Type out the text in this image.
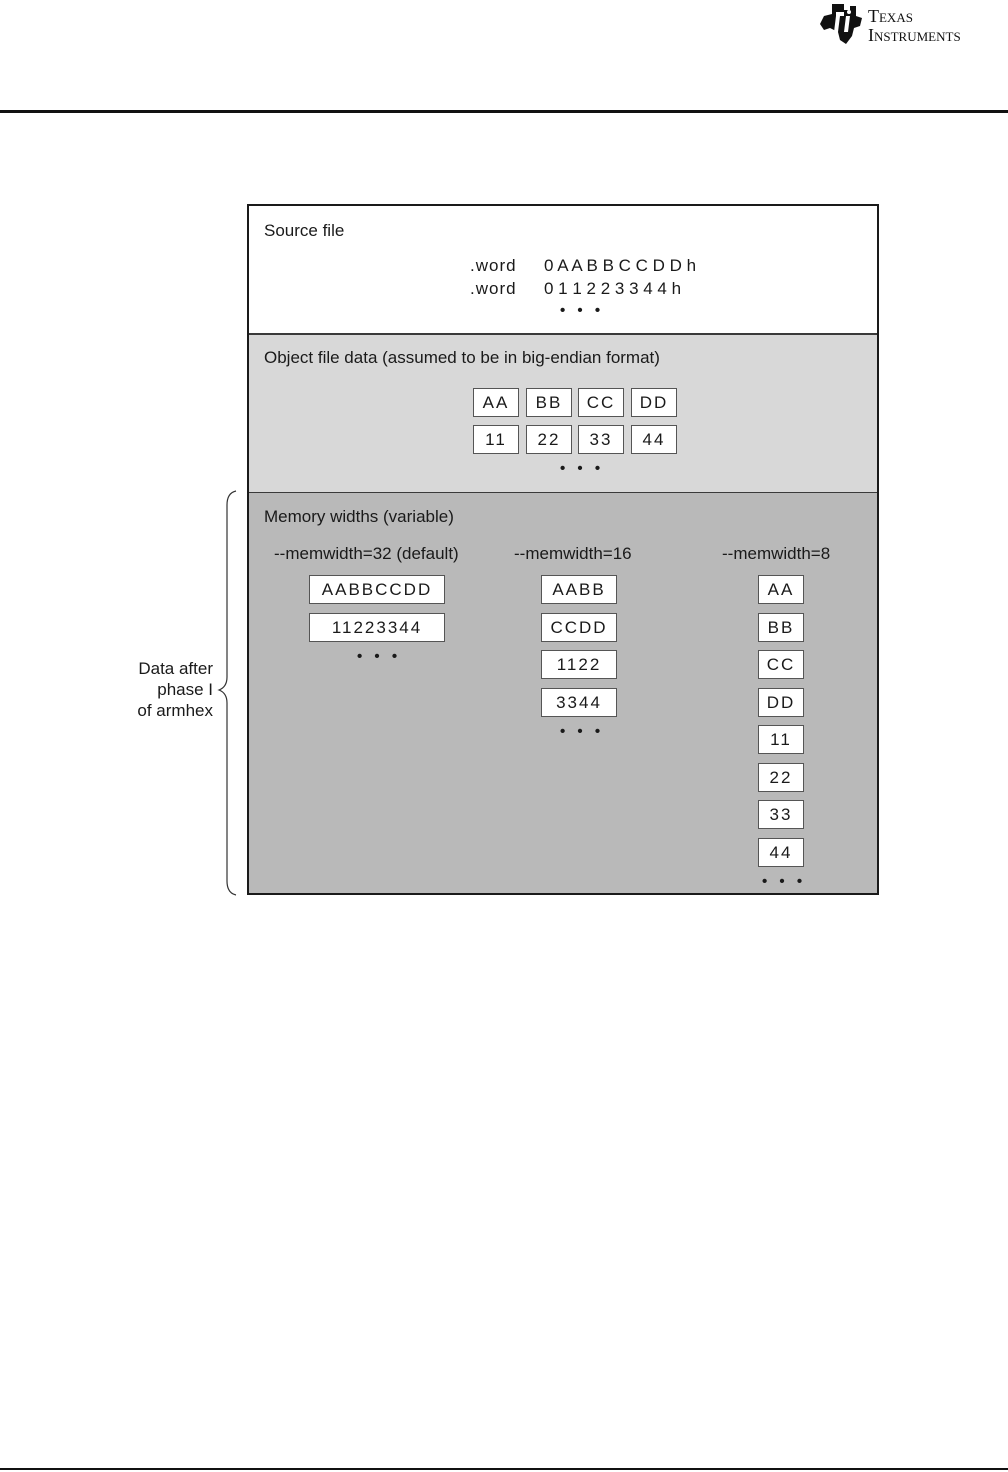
Texas
Instruments
Data after
phase I
of armhex
Source file
.word 0 A A B B C C D D h
.word 0 1 1 2 2 3 3 4 4 h
• • •
Object file data (assumed to be in big-endian format)
AA	BB	CC	DD
11	22	33	44
• • •
Memory widths (variable)
--memwidth=32 (default)
AABBCCDD
11223344
• • •
--memwidth=16
AABB
CCDD
1122
3344
• • •
--memwidth=8
AA
BB
CC
DD
11
22
33
44
• • •
